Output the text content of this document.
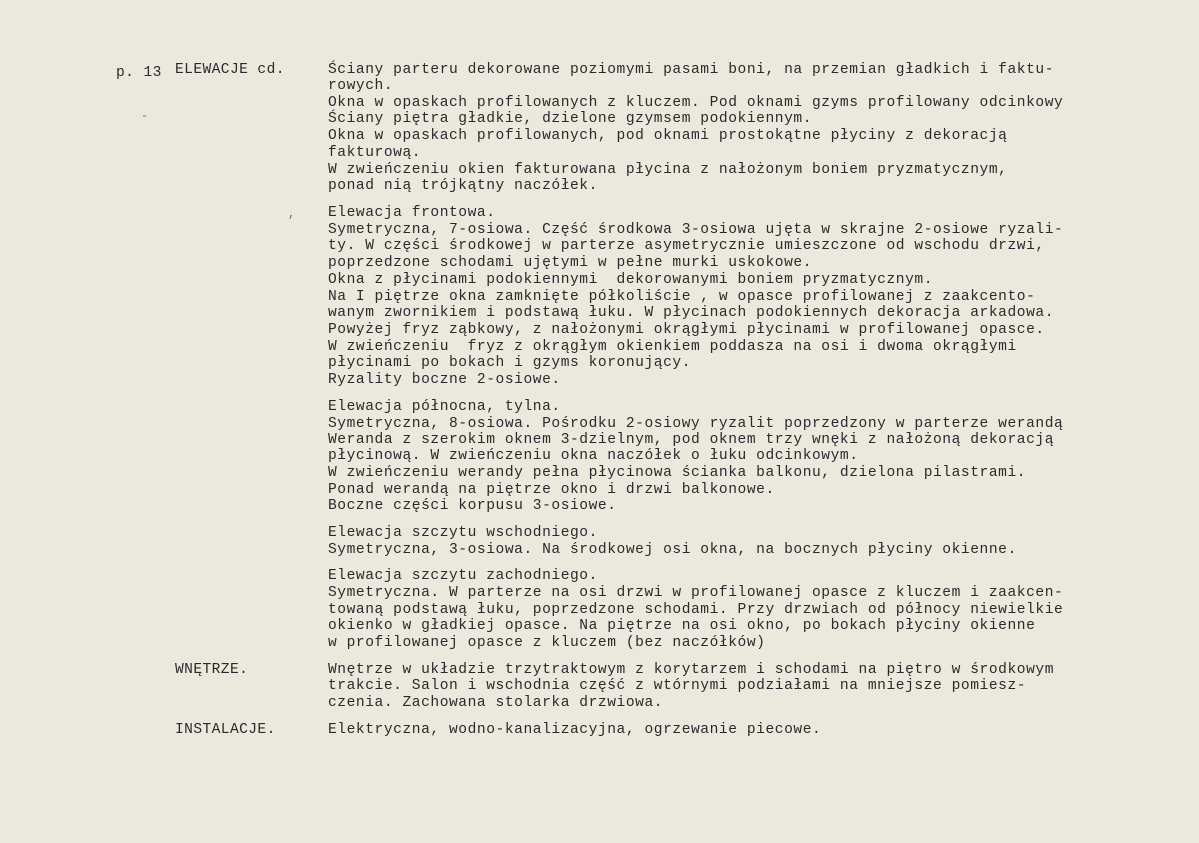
p. 13 ELEWACJE cd.
-
,
WNĘTRZE.
INSTALACJE.
Ściany parteru dekorowane poziomymi pasami boni, na przemian gładkich i faktu-
rowych.
Okna w opaskach profilowanych z kluczem. Pod oknami gzyms profilowany odcinkowy
Ściany piętra gładkie, dzielone gzymsem podokiennym.
Okna w opaskach profilowanych, pod oknami prostokątne płyciny z dekoracją
fakturową.
W zwieńczeniu okien fakturowana płycina z nałożonym boniem pryzmatycznym,
ponad nią trójkątny naczółek.
Elewacja frontowa.
Symetryczna, 7-osiowa. Część środkowa 3-osiowa ujęta w skrajne 2-osiowe ryzali-
ty. W części środkowej w parterze asymetrycznie umieszczone od wschodu drzwi,
poprzedzone schodami ujętymi w pełne murki uskokowe.
Okna z płycinami podokiennymi  dekorowanymi boniem pryzmatycznym.
Na I piętrze okna zamknięte półkoliście , w opasce profilowanej z zaakcento-
wanym zwornikiem i podstawą łuku. W płycinach podokiennych dekoracja arkadowa.
Powyżej fryz ząbkowy, z nałożonymi okrągłymi płycinami w profilowanej opasce.
W zwieńczeniu  fryz z okrągłym okienkiem poddasza na osi i dwoma okrągłymi
płycinami po bokach i gzyms koronujący.
Ryzality boczne 2-osiowe.
Elewacja północna, tylna.
Symetryczna, 8-osiowa. Pośrodku 2-osiowy ryzalit poprzedzony w parterze werandą
Weranda z szerokim oknem 3-dzielnym, pod oknem trzy wnęki z nałożoną dekoracją
płycinową. W zwieńczeniu okna naczółek o łuku odcinkowym.
W zwieńczeniu werandy pełna płycinowa ścianka balkonu, dzielona pilastrami.
Ponad werandą na piętrze okno i drzwi balkonowe.
Boczne części korpusu 3-osiowe.
Elewacja szczytu wschodniego.
Symetryczna, 3-osiowa. Na środkowej osi okna, na bocznych płyciny okienne.
Elewacja szczytu zachodniego.
Symetryczna. W parterze na osi drzwi w profilowanej opasce z kluczem i zaakcen-
towaną podstawą łuku, poprzedzone schodami. Przy drzwiach od północy niewielkie
okienko w gładkiej opasce. Na piętrze na osi okno, po bokach płyciny okienne
w profilowanej opasce z kluczem (bez naczółków)
Wnętrze w układzie trzytraktowym z korytarzem i schodami na piętro w środkowym
trakcie. Salon i wschodnia część z wtórnymi podziałami na mniejsze pomiesz-
czenia. Zachowana stolarka drzwiowa.
Elektryczna, wodno-kanalizacyjna, ogrzewanie piecowe.
